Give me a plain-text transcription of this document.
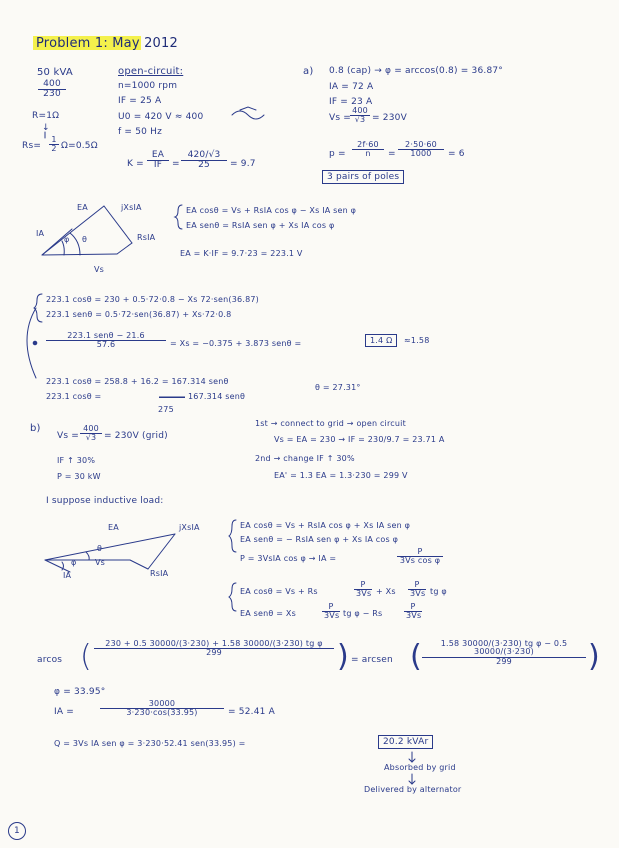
Problem 1: May 2012
50 kVA
$\frac{400}{230}$
R=1Ω
↓
$Rs= \frac{1}{2} \Omega=0.5\Omega$
open-circuit:
n=1000 rpm
IF = 25 A
U0 = 420 V ≈ 400
f = 50 Hz
$K = \frac{EA}{IF} = \frac{420/√3}{25} = 9.7$
a) 0.8 (cap) → φ = arccos(0.8) = 36.87°
IA = 72 A
IF = 23 A
Vs =
$\frac{400}{√3} = 230V$
$p = \frac{2f\cdot 60}{n} = \frac{2\cdot 50\cdot 60}{1000} = 6$
3 pairs of poles
EA	jXsIA
RsIA
IA
Vs
φ θ
EA cosθ = Vs + RsIA cos φ − Xs IA sen φ
EA senθ = RsIA sen φ + Xs IA cos φ
EA = K·IF = 9.7·23 = 223.1 V
223.1 cosθ = 230 + 0.5·72·0.8 − Xs 72·sen(36.87)
223.1 senθ = 0.5·72·sen(36.87) + Xs·72·0.8
223.1 senθ − 21.6
57.6	= Xs = −0.375 + 3.873 senθ =	1.4 Ω	≈1.58
223.1 cosθ = 258.8 + 16.2 = 167.314 senθ
223.1 cosθ =
	167.314 senθ
275
θ = 27.31°
b)
$Vs = \frac{400}{√3} = 230V$ (grid)
IF ↑ 30%
P = 30 kW
1st → connect to grid → open circuit
Vs = EA = 230 → IF = 230/9.7 = 23.71 A
2nd → change IF ↑ 30%
EA' = 1.3 EA = 1.3·230 = 299 V
I suppose inductive load:
EA	jXsIA
RsIA
IA
Vs
φ
θ
EA cosθ = Vs + RsIA cos φ + Xs IA sen φ
EA senθ = − RsIA sen φ + Xs IA cos φ
P = 3VsIA cos φ → IA =	$\frac{P}{\text{3Vs cos φ}}$
EA cosθ = Vs + Rs	$\frac{P}{3Vs} + Xs \frac{P}{3Vs}$ tg φ
EA senθ = Xs	$\frac{P}{3Vs}$ tg φ − Rs	$\frac{P}{3Vs}$
arcos ( $\frac{\text{230 + 0.5 30000/(3·230) + 1.58 30000/(3·230) tg φ}}{299}$ ) = arcsen ( $\frac{\text{1.58 30000/(3·230) tg φ − 0.5 30000/(3·230)}}{299}$ )
φ = 33.95°
IA =	$\frac{30000}{3\cdot 230\cdot\cos(33.95)} = 52.41$ A
Q = 3Vs IA sen φ = 3·230·52.41 sen(33.95) =	20.2 kVAr
Absorbed by grid
Delivered by alternator
1
